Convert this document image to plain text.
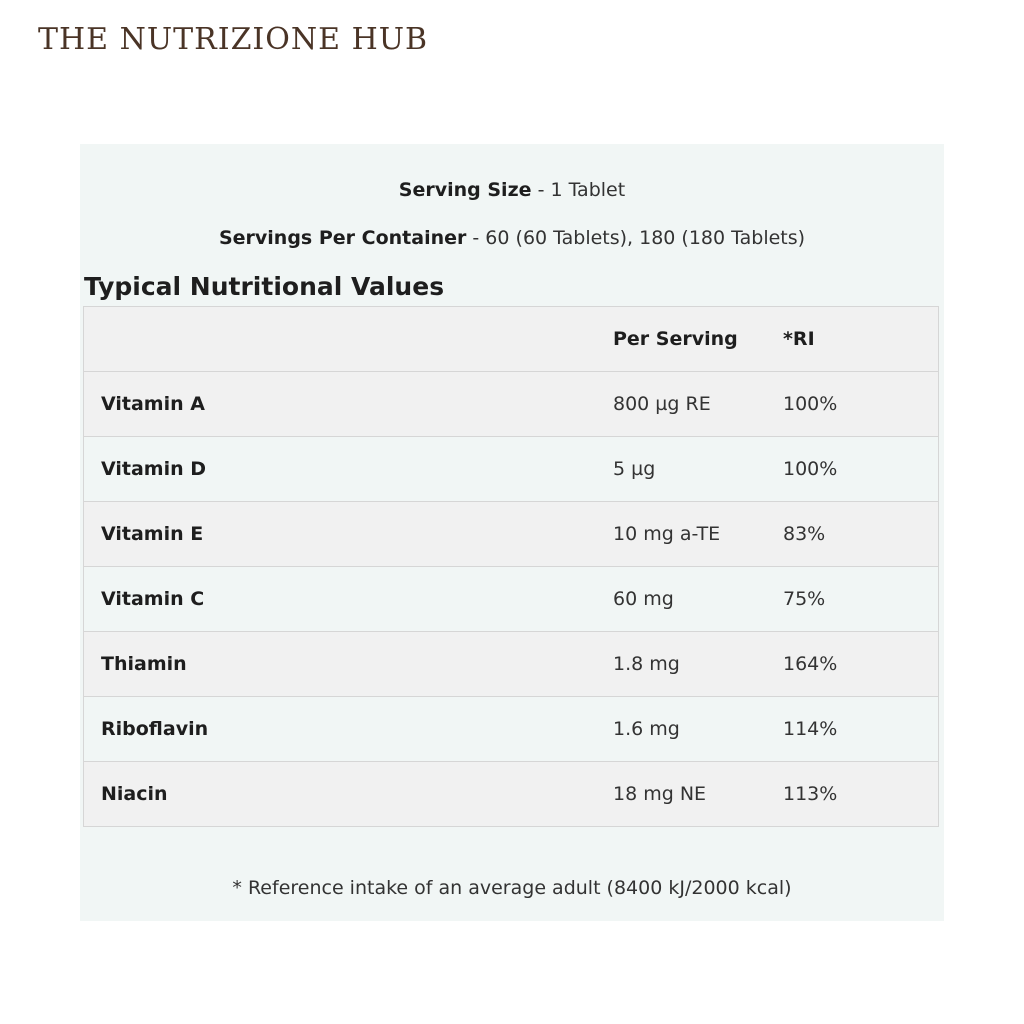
THE NUTRIZIONE HUB
Serving Size - 1 Tablet
Servings Per Container - 60 (60 Tablets), 180 (180 Tablets)
Typical Nutritional Values
	Per Serving	*RI
Vitamin A	800 µg RE	100%
Vitamin D	5 µg	100%
Vitamin E	10 mg a-TE	83%
Vitamin C	60 mg	75%
Thiamin	1.8 mg	164%
Riboflavin	1.6 mg	114%
Niacin	18 mg NE	113%
* Reference intake of an average adult (8400 kJ/2000 kcal)
